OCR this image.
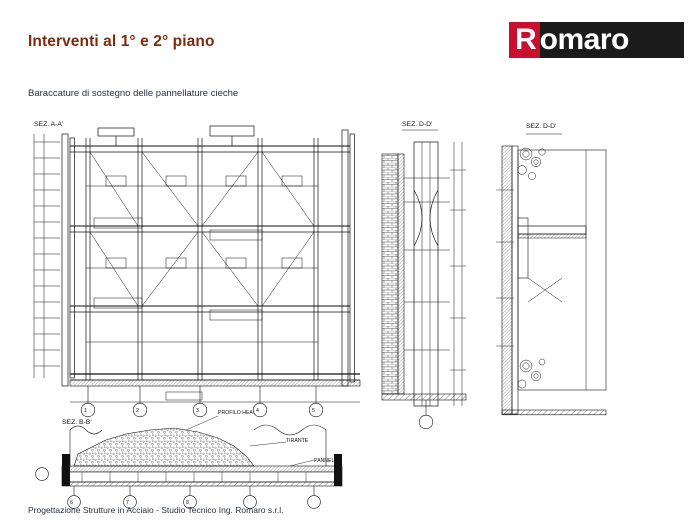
Interventi al 1° e 2° piano
Baraccature di sostegno delle pannellature cieche
R omaro
SEZ. A-A'
SEZ. B-B'
SEZ. D-D'	SEZ. D-D'
PROFILO HEA
TIRANTE
PANNELLO
1	2	3	4	5
6	7	8
Progettazione Strutture in Acciaio - Studio Tecnico Ing. Romaro s.r.l.
